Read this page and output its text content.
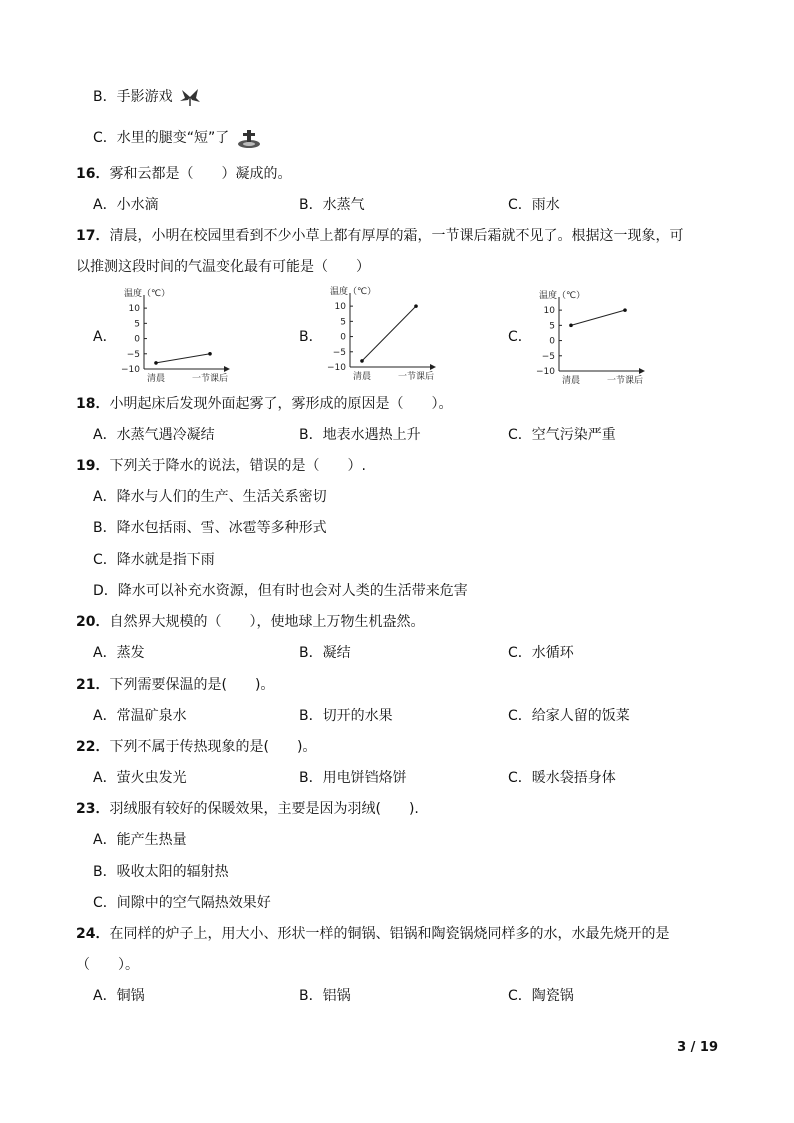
B．手影游戏
C．水里的腿变“短”了
16．雾和云都是（　　）凝成的。
A．小水滴	B．水蒸气	C．雨水
17．清晨，小明在校园里看到不少小草上都有厚厚的霜，一节课后霜就不见了。根据这一现象，可
以推测这段时间的气温变化最有可能是（　　）
A．	B．	C．
温度（℃）
10
5
0
−5
−10
清晨	一节课后
温度（℃）
10
5
0
−5
−10
清晨	一节课后
温度（℃）
10
5
0
−5
−10
清晨	一节课后
18．小明起床后发现外面起雾了，雾形成的原因是（　　）。
A．水蒸气遇冷凝结	B．地表水遇热上升	C．空气污染严重
19．下列关于降水的说法，错误的是（　　）.
A．降水与人们的生产、生活关系密切
B．降水包括雨、雪、冰雹等多种形式
C．降水就是指下雨
D．降水可以补充水资源，但有时也会对人类的生活带来危害
20．自然界大规模的（　　），使地球上万物生机盎然。
A．蒸发	B．凝结	C．水循环
21．下列需要保温的是(　　)。
A．常温矿泉水	B．切开的水果	C．给家人留的饭菜
22．下列不属于传热现象的是(　　)。
A．萤火虫发光	B．用电饼铛烙饼	C．暖水袋捂身体
23．羽绒服有较好的保暖效果，主要是因为羽绒(　　).
A．能产生热量
B．吸收太阳的辐射热
C．间隙中的空气隔热效果好
24．在同样的炉子上，用大小、形状一样的铜锅、铝锅和陶瓷锅烧同样多的水，水最先烧开的是
（　　）。
A．铜锅	B．铝锅	C．陶瓷锅
3 / 19
